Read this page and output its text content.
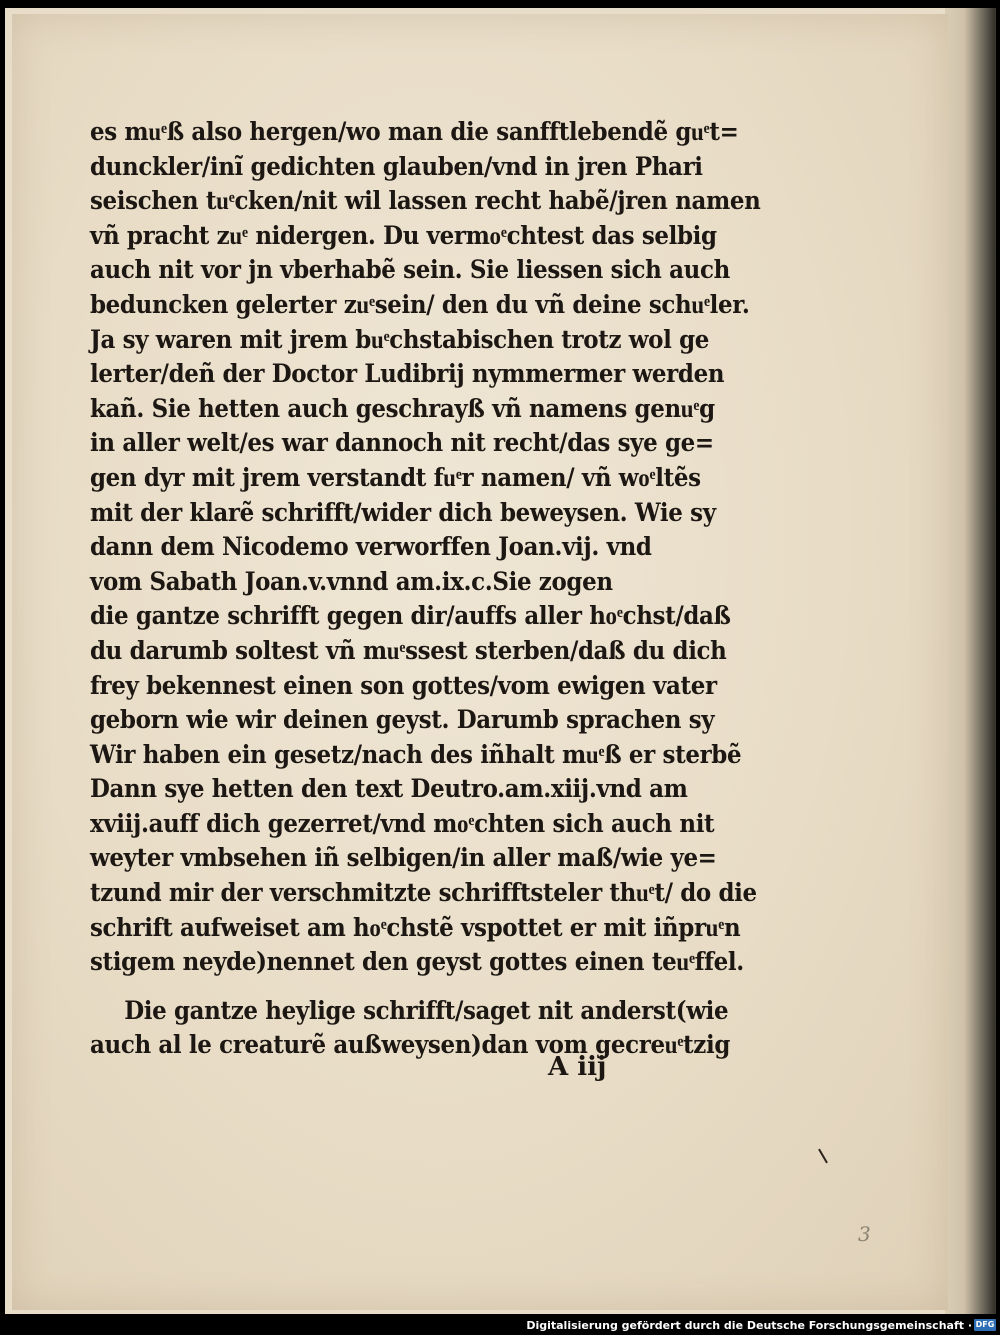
es muͤß also hergen/wo man die sanfftlebendẽ guͤt=
dunckler/inĩ gedichten glauben/vnd in jren Phari
seischen tuͤcken/nit wil lassen recht habẽ/jren namen
vñ pracht zuͤ nidergen. Du vermoͤchtest das selbig
auch nit vor jn vberhabẽ sein. Sie liessen sich auch
beduncken gelerter zuͤsein/ den du vñ deine schuͤler.
Ja sy waren mit jrem buͤchstabischen trotz wol ge
lerter/deñ der Doctor Ludibrij nymmermer werden
kañ. Sie hetten auch geschrayß vñ namens genuͤg
in aller welt/es war dannoch nit recht/das sye ge=
gen dyr mit jrem verstandt fuͤr namen/ vñ woͤltẽs
mit der klarẽ schrifft/wider dich beweysen. Wie sy
dann dem Nicodemo verworffen Joan.vij. vnd
vom Sabath Joan.v.vnnd am.ix.c.Sie zogen
die gantze schrifft gegen dir/auffs aller hoͤchst/daß
du darumb soltest vñ muͤssest sterben/daß du dich
frey bekennest einen son gottes/vom ewigen vater
geborn wie wir deinen geyst. Darumb sprachen sy
Wir haben ein gesetz/nach des iñhalt muͤß er sterbẽ
Dann sye hetten den text Deutro.am.xiij.vnd am
xviij.auff dich gezerret/vnd moͤchten sich auch nit
weyter vmbsehen iñ selbigen/in aller maß/wie ye=
tzund mir der verschmitzte schrifftsteler thuͤt/ do die
schrift aufweiset am hoͤchstẽ vspottet er mit iñpruͤn
stigem neyde)nennet den geyst gottes einen teuͤffel.
Die gantze heylige schrifft/saget nit anderst(wie
auch al le creaturẽ außweysen)dan vom gecreuͤtzig
A iij
3
Digitalisierung gefördert durch die Deutsche Forschungsgemeinschaft · DFG
